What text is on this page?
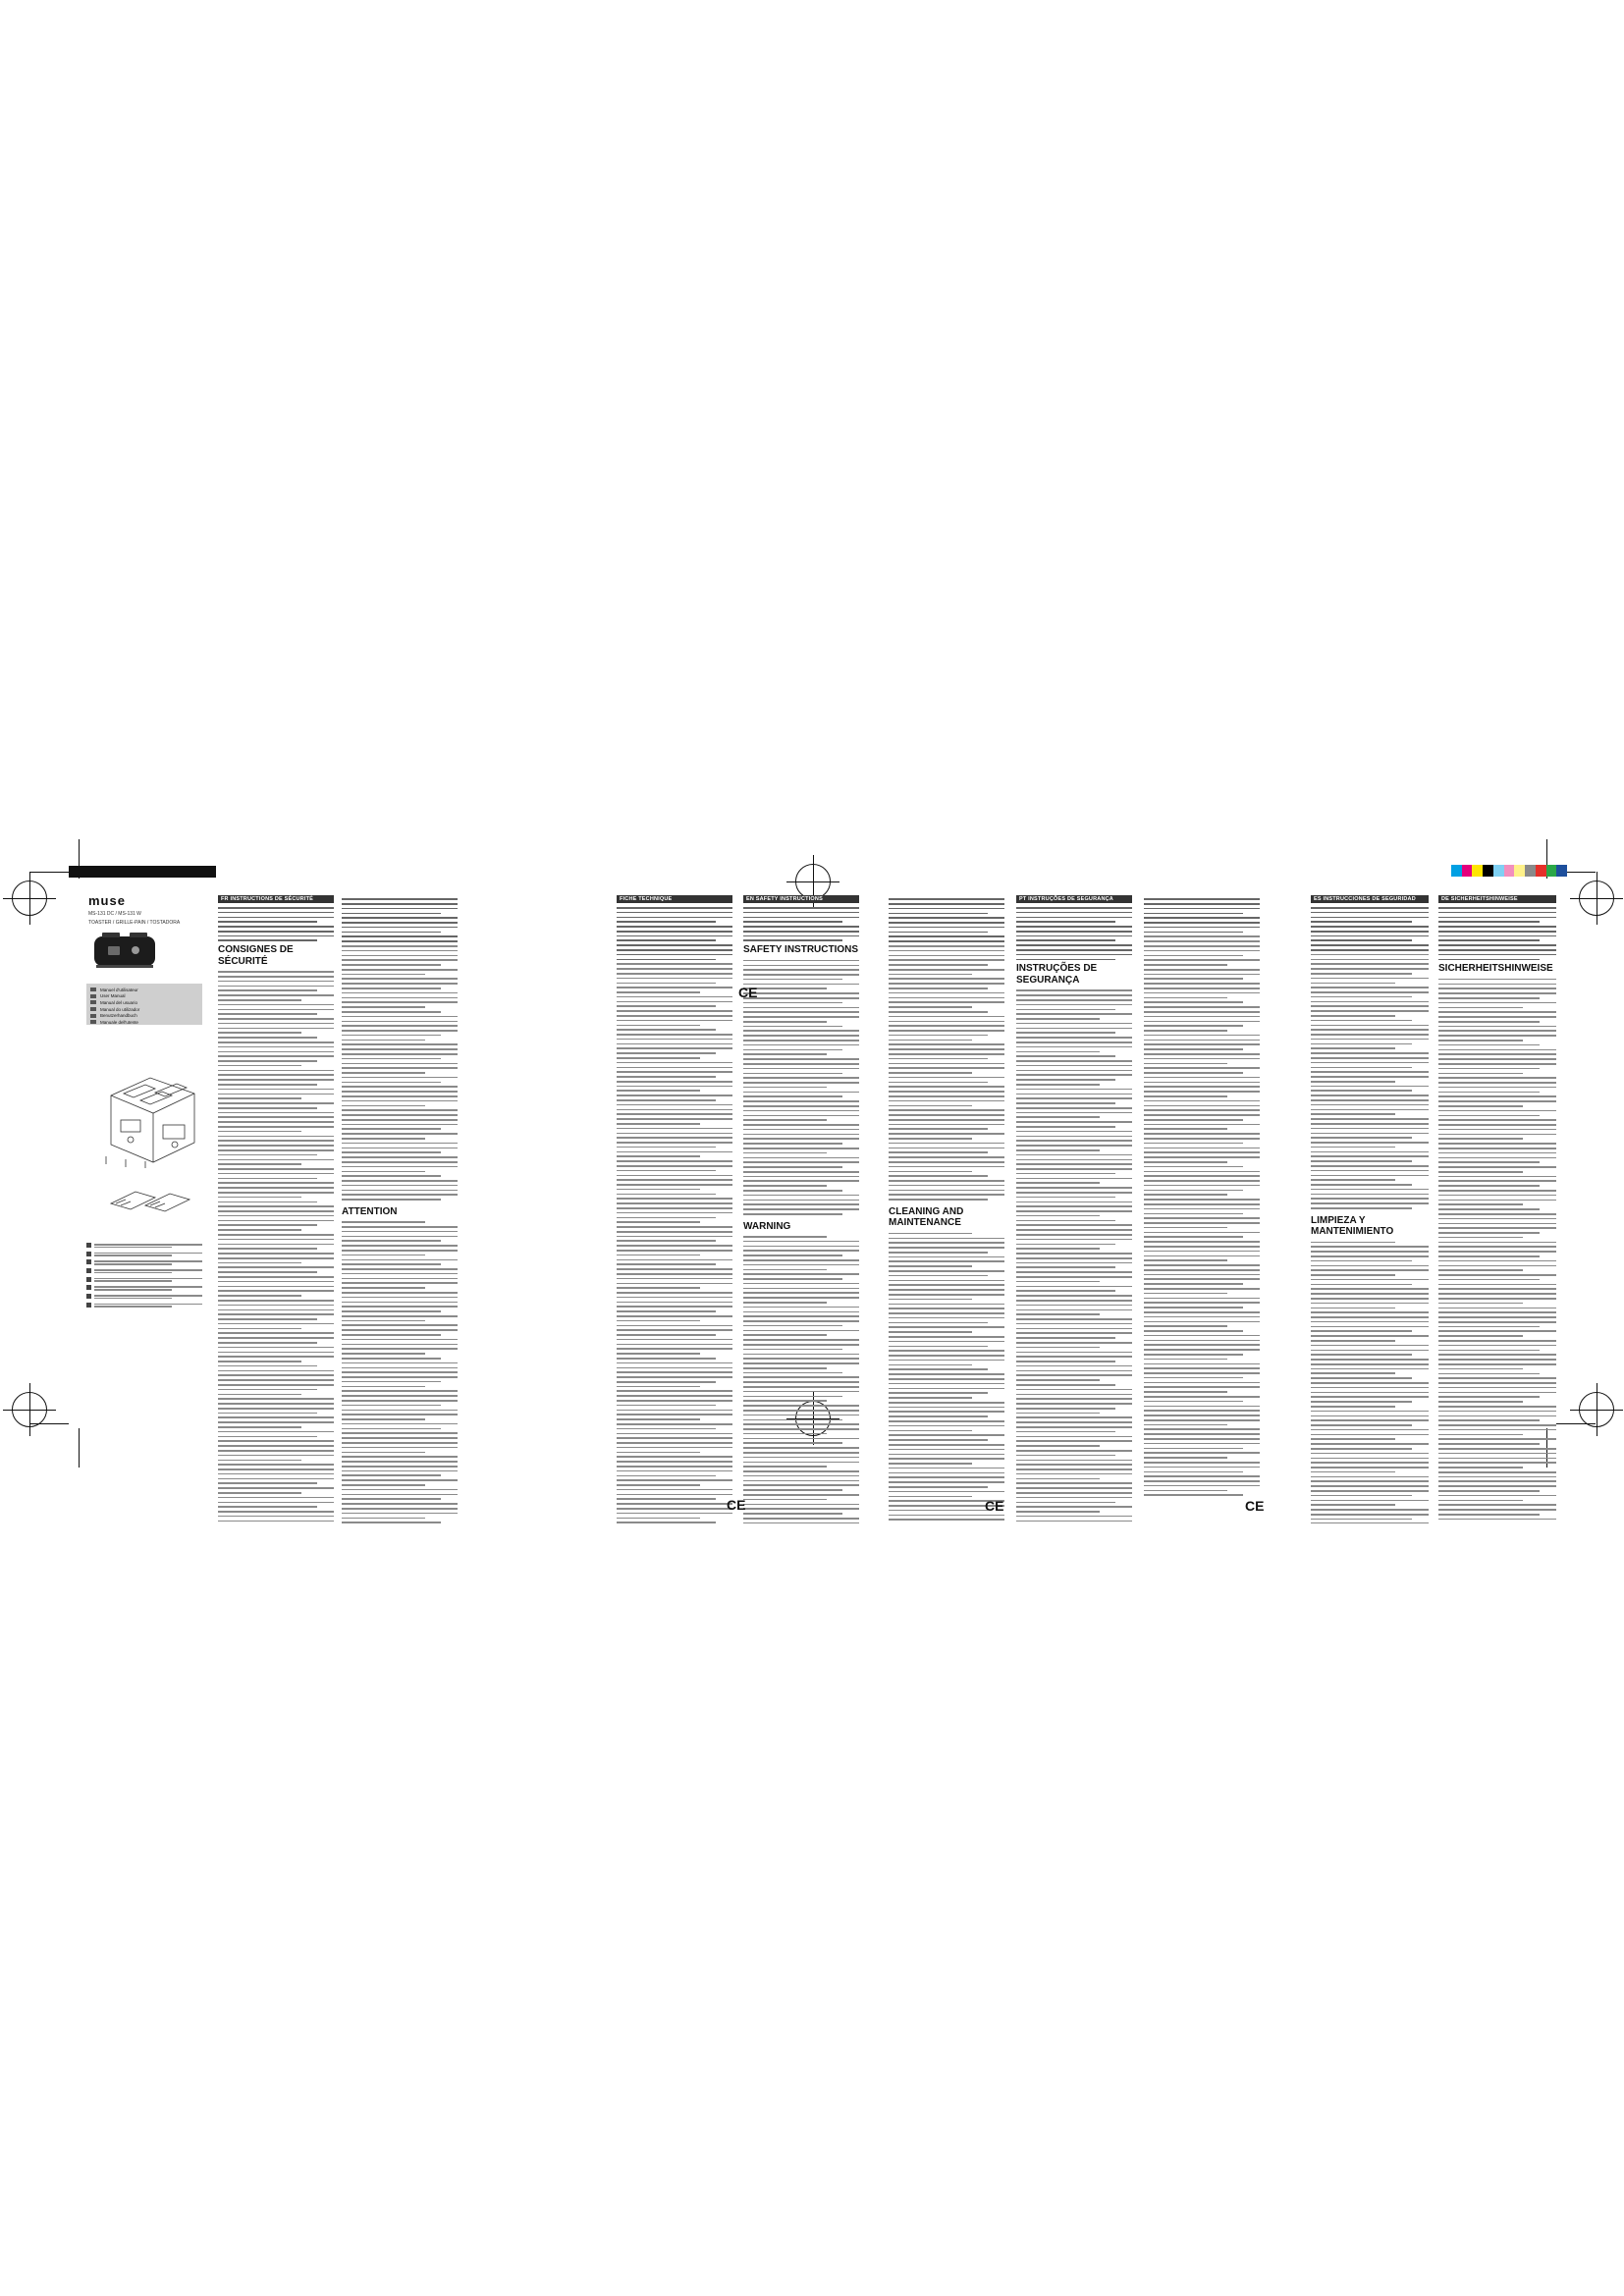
muse
MS-131 DC / MS-131 W
TOASTER / GRILLE-PAIN / TOSTADORA
Manuel d'utilisateur
User Manual
Manual del usuario
Manual do utilizador
Benutzerhandbuch
Manuale dell'utente
FR INSTRUCTIONS DE SÉCURITÉ
CONSIGNES DE SÉCURITÉ
ATTENTION
FICHE TECHNIQUE	EN SAFETY INSTRUCTIONS
SAFETY INSTRUCTIONS
WARNING
CLEANING AND MAINTENANCE
PT INSTRUÇÕES DE SEGURANÇA
INSTRUÇÕES DE SEGURANÇA
ES INSTRUCCIONES DE SEGURIDAD
LIMPIEZA Y MANTENIMIENTO
DE SICHERHEITSHINWEISE
SICHERHEITSHINWEISE
CE
CE	CE	CE
